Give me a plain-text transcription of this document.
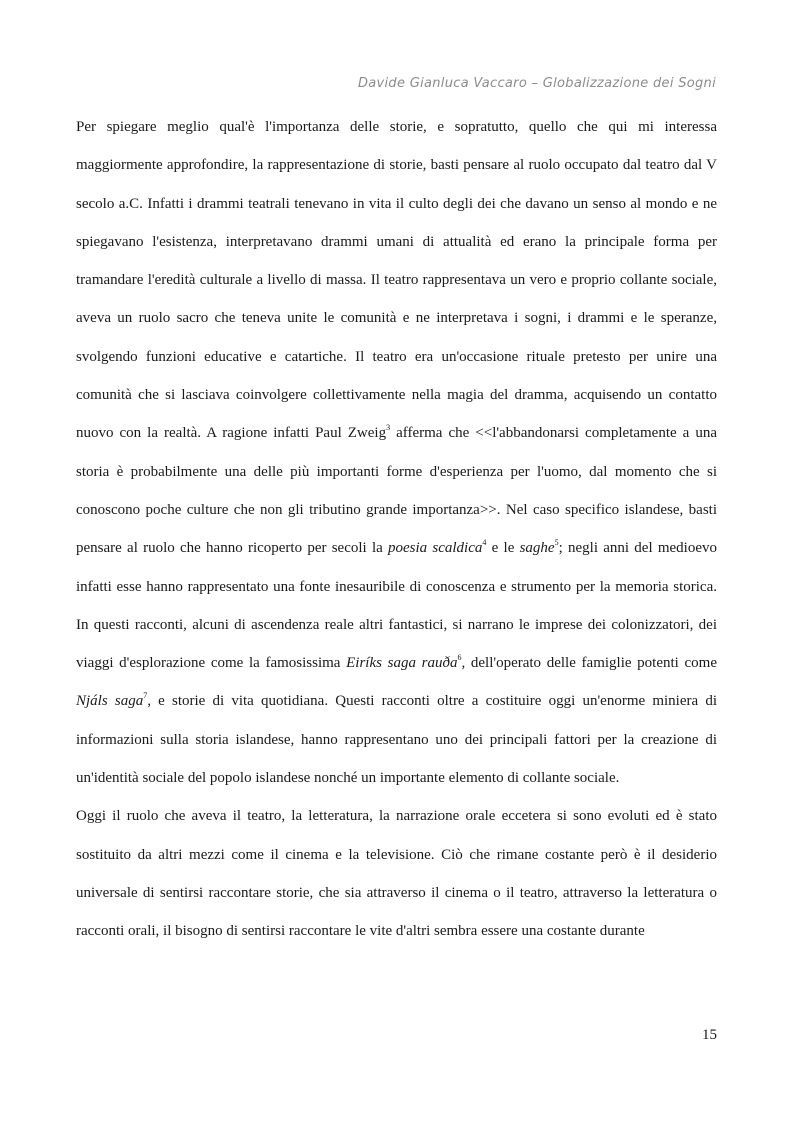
Davide Gianluca Vaccaro – Globalizzazione dei Sogni

Per spiegare meglio qual'è l'importanza delle storie, e sopratutto, quello che qui mi interessa maggiormente approfondire, la rappresentazione di storie, basti pensare al ruolo occupato dal teatro dal V secolo a.C. Infatti i drammi teatrali tenevano in vita il culto degli dei che davano un senso al mondo e ne spiegavano l'esistenza, interpretavano drammi umani di attualità ed erano la principale forma per tramandare l'eredità culturale a livello di massa. Il teatro rappresentava un vero e proprio collante sociale, aveva un ruolo sacro che teneva unite le comunità e ne interpretava i sogni, i drammi e le speranze, svolgendo funzioni educative e catartiche. Il teatro era un'occasione rituale pretesto per unire una comunità che si lasciava coinvolgere collettivamente nella magia del dramma, acquisendo un contatto nuovo con la realtà. A ragione infatti Paul Zweig$^3$ afferma che <<l'abbandonarsi completamente a una storia è probabilmente una delle più importanti forme d'esperienza per l'uomo, dal momento che si conoscono poche culture che non gli tributino grande importanza>>. Nel caso specifico islandese, basti pensare al ruolo che hanno ricoperto per secoli la poesia scaldica$^4$ e le saghe$^5$; negli anni del medioevo infatti esse hanno rappresentato una fonte inesauribile di conoscenza e strumento per la memoria storica. In questi racconti, alcuni di ascendenza reale altri fantastici, si narrano le imprese dei colonizzatori, dei viaggi d'esplorazione come la famosissima Eiríks saga rauða$^6$, dell'operato delle famiglie potenti come Njáls saga$^7$, e storie di vita quotidiana. Questi racconti oltre a costituire oggi un'enorme miniera di informazioni sulla storia islandese, hanno rappresentano uno dei principali fattori per la creazione di un'identità sociale del popolo islandese nonché un importante elemento di collante sociale.

Oggi il ruolo che aveva il teatro, la letteratura, la narrazione orale eccetera si sono evoluti ed è stato sostituito da altri mezzi come il cinema e la televisione. Ciò che rimane costante però è il desiderio universale di sentirsi raccontare storie, che sia attraverso il cinema o il teatro, attraverso la letteratura o racconti orali, il bisogno di sentirsi raccontare le vite d'altri sembra essere una costante durante

15
